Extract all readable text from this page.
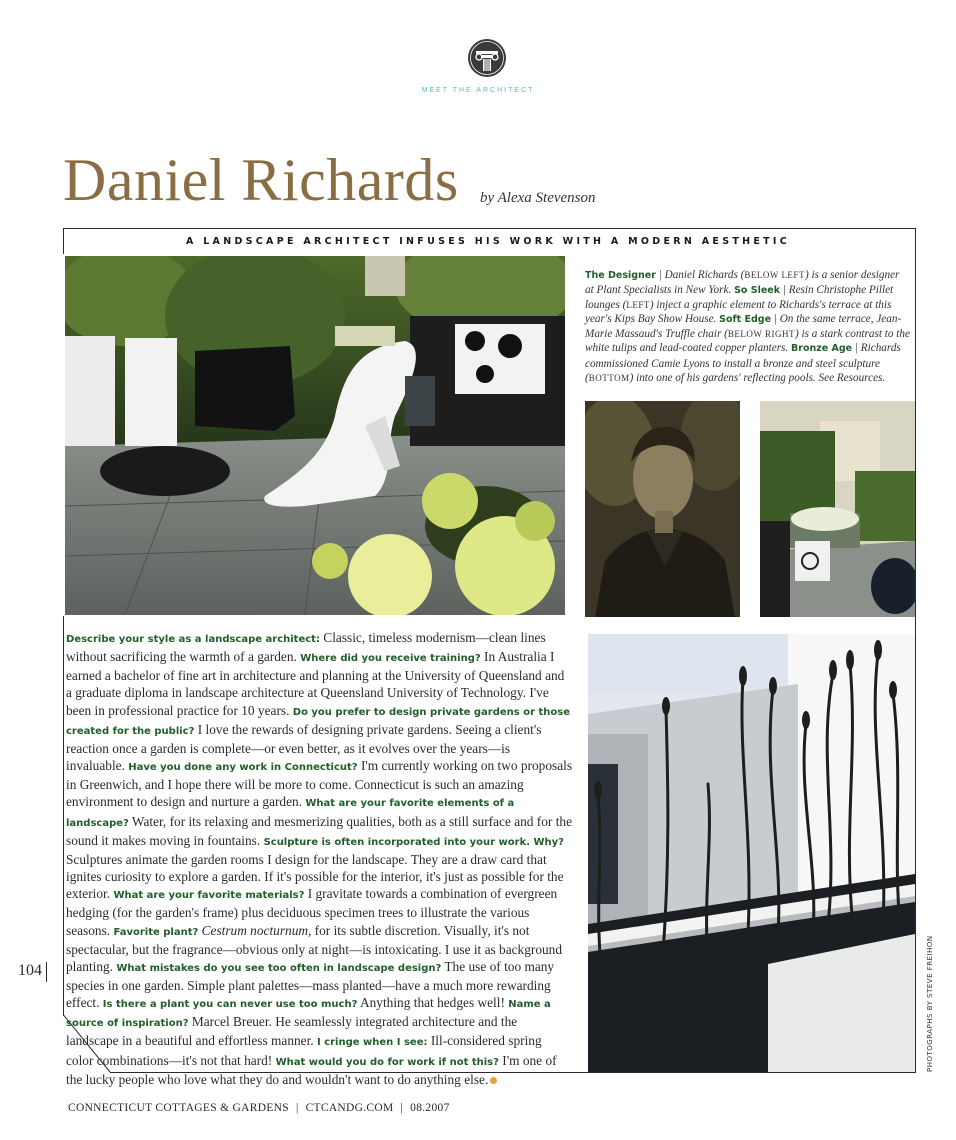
MEET THE ARCHITECT
Daniel Richards by Alexa Stevenson
A LANDSCAPE ARCHITECT INFUSES HIS WORK WITH A MODERN AESTHETIC
The Designer | Daniel Richards (BELOW LEFT) is a senior designer at Plant Specialists in New York. So Sleek | Resin Christophe Pillet lounges (LEFT) inject a graphic element to Richards's terrace at this year's Kips Bay Show House. Soft Edge | On the same terrace, Jean-Marie Massaud's Truffle chair (BELOW RIGHT) is a stark contrast to the white tulips and lead-coated copper planters. Bronze Age | Richards commissioned Camie Lyons to install a bronze and steel sculpture (BOTTOM) into one of his gardens' reflecting pools. See Resources.
Describe your style as a landscape architect: Classic, timeless modernism—clean lines without sacrificing the warmth of a garden. Where did you receive training? In Australia I earned a bachelor of fine art in architecture and planning at the University of Queensland and a graduate diploma in landscape architecture at Queensland University of Technology. I've been in professional practice for 10 years. Do you prefer to design private gardens or those created for the public? I love the rewards of designing private gardens. Seeing a client's reaction once a garden is complete—or even better, as it evolves over the years—is invaluable. Have you done any work in Connecticut? I'm currently working on two proposals in Greenwich, and I hope there will be more to come. Connecticut is such an amazing environment to design and nurture a garden. What are your favorite elements of a landscape? Water, for its relaxing and mesmerizing qualities, both as a still surface and for the sound it makes moving in fountains. Sculpture is often incorporated into your work. Why? Sculptures animate the garden rooms I design for the landscape. They are a draw card that ignites curiosity to explore a garden. If it's possible for the interior, it's just as possible for the exterior. What are your favorite materials? I gravitate towards a combination of evergreen hedging (for the garden's frame) plus deciduous specimen trees to illustrate the various seasons. Favorite plant? Cestrum nocturnum, for its subtle discretion. Visually, it's not spectacular, but the fragrance—obvious only at night—is intoxicating. I use it as background planting. What mistakes do you see too often in landscape design? The use of too many species in one garden. Simple plant palettes—mass planted—have a much more rewarding effect. Is there a plant you can never use too much? Anything that hedges well! Name a source of inspiration? Marcel Breuer. He seamlessly integrated architecture and the landscape in a beautiful and effortless manner. I cringe when I see: Ill-considered spring color combinations—it's not that hard! What would you do for work if not this? I'm one of the lucky people who love what they do and wouldn't want to do anything else.
104	PHOTOGRAPHS BY STEVE FREIHON
CONNECTICUT COTTAGES & GARDENS | CTCANDG.COM | 08.2007
